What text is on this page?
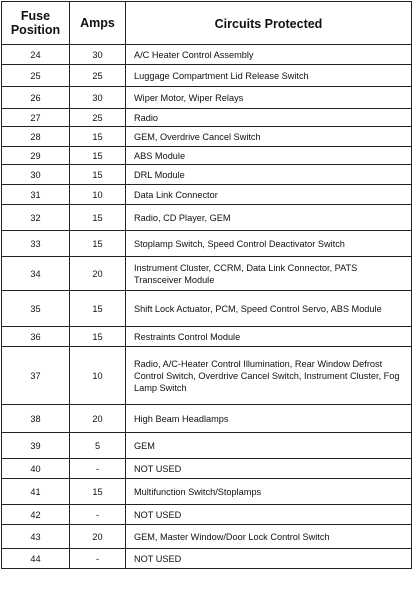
Fuse Position	Amps	Circuits Protected
24	30	A/C Heater Control Assembly
25	25	Luggage Compartment Lid Release Switch
26	30	Wiper Motor, Wiper Relays
27	25	Radio
28	15	GEM, Overdrive Cancel Switch
29	15	ABS Module
30	15	DRL Module
31	10	Data Link Connector
32	15	Radio, CD Player, GEM
33	15	Stoplamp Switch, Speed Control Deactivator Switch
34	20	Instrument Cluster, CCRM, Data Link Connector, PATS Transceiver Module
35	15	Shift Lock Actuator, PCM, Speed Control Servo, ABS Module
36	15	Restraints Control Module
37	10	Radio, A/C-Heater Control Illumination, Rear Window Defrost Control Switch, Overdrive Cancel Switch, Instrument Cluster, Fog Lamp Switch
38	20	High Beam Headlamps
39	5	GEM
40	-	NOT USED
41	15	Multifunction Switch/Stoplamps
42	-	NOT USED
43	20	GEM, Master Window/Door Lock Control Switch
44	-	NOT USED
